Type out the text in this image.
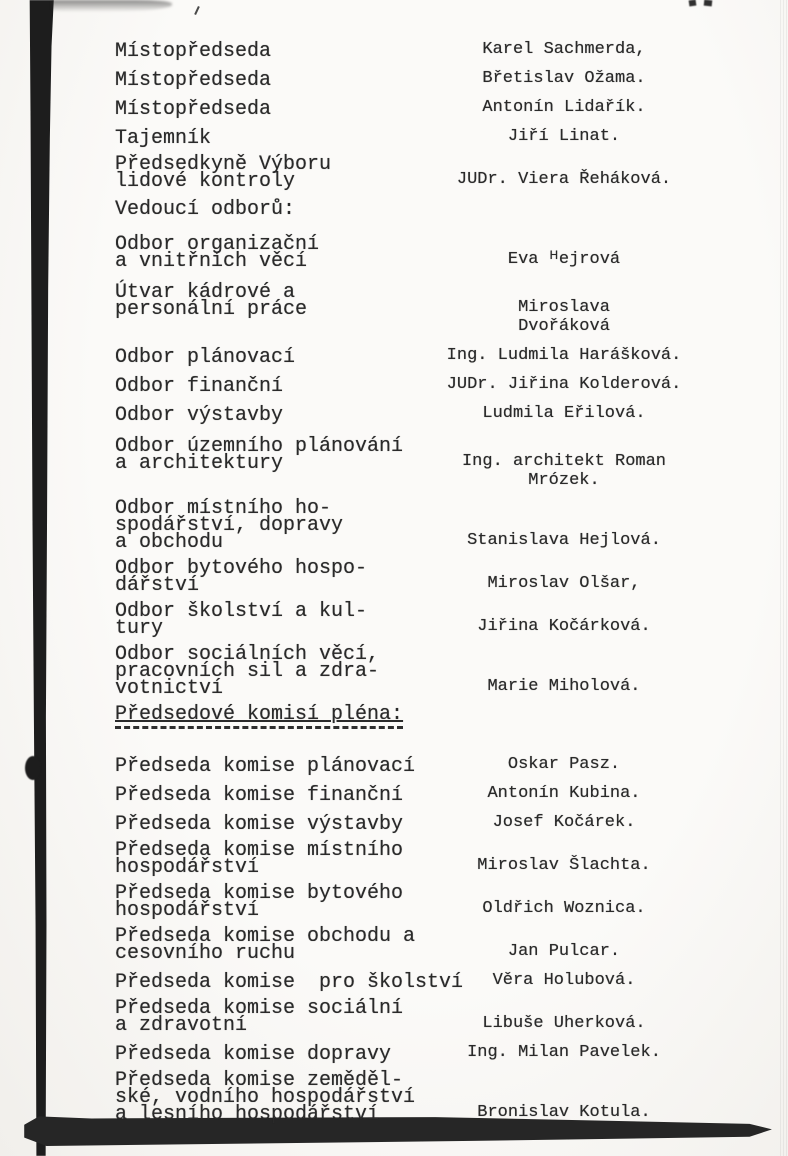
Místopředseda	Karel Sachmerda,
Místopředseda	Břetislav Ožama.
Místopředseda	Antonín Lidařík.
Tajemník	Jiří Linat.
Předsedkyně Výboru
lidové kontroly	JUDr. Viera Řeháková.
Vedoucí odborů:
Odbor organizační
a vnitřních věcí	Eva ᴴejrová
Útvar kádrové a
personální práce	Miroslava
Dvořáková
Odbor plánovací	Ing. Ludmila Harášková.
Odbor finanční	JUDr. Jiřina Kolderová.
Odbor výstavby	Ludmila Eřilová.
Odbor územního plánování
a architektury	Ing. architekt Roman
Mrózek.
Odbor místního ho-
spodářství, dopravy
a obchodu	Stanislava Hejlová.
Odbor bytového hospo-
dářství	Miroslav Olšar,
Odbor školství a kul-
tury	Jiřina Kočárková.
Odbor sociálních věcí,
pracovních sil a zdra-
votnictví	Marie Miholová.
Předsedové komisí pléna:
Předseda komise plánovací	Oskar Pasz.
Předseda komise finanční	Antonín Kubina.
Předseda komise výstavby	Josef Kočárek.
Předseda komise místního
hospodářství	Miroslav Šlachta.
Předseda komise bytového
hospodářství	Oldřich Woznica.
Předseda komise obchodu a
cesovního ruchu	Jan Pulcar.
Předseda komise  pro školství	Věra Holubová.
Předseda komise sociální
a zdravotní	Libuše Uherková.
Předseda komise dopravy	Ing. Milan Pavelek.
Předseda komise zeměděl-
ské, vodního hospodářství
a lesního hospodářství	Bronislav Kotula.
